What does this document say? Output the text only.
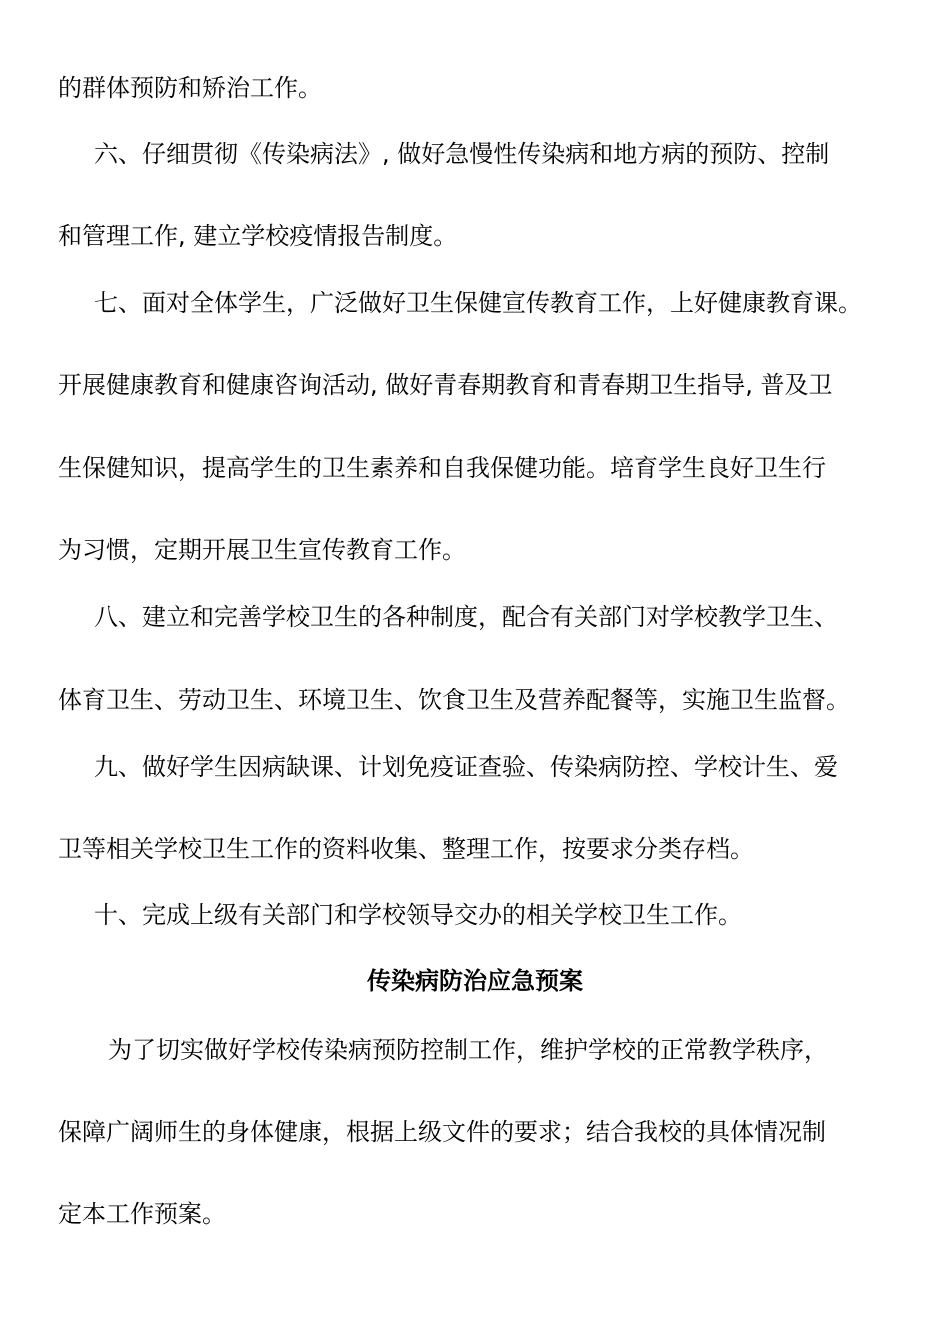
的群体预防和矫治工作。
六、仔细贯彻《传染病法》, 做好急慢性传染病和地方病的预防、控制
和管理工作, 建立学校疫情报告制度。
七、面对全体学生，广泛做好卫生保健宣传教育工作，上好健康教育课。
开展健康教育和健康咨询活动, 做好青春期教育和青春期卫生指导, 普及卫
生保健知识，提高学生的卫生素养和自我保健功能。培育学生良好卫生行
为习惯，定期开展卫生宣传教育工作。
八、建立和完善学校卫生的各种制度，配合有关部门对学校教学卫生、
体育卫生、劳动卫生、环境卫生、饮食卫生及营养配餐等，实施卫生监督。
九、做好学生因病缺课、计划免疫证查验、传染病防控、学校计生、爱
卫等相关学校卫生工作的资料收集、整理工作，按要求分类存档。
十、完成上级有关部门和学校领导交办的相关学校卫生工作。
传染病防治应急预案
为了切实做好学校传染病预防控制工作，维护学校的正常教学秩序，
保障广阔师生的身体健康，根据上级文件的要求；结合我校的具体情况制
定本工作预案。
